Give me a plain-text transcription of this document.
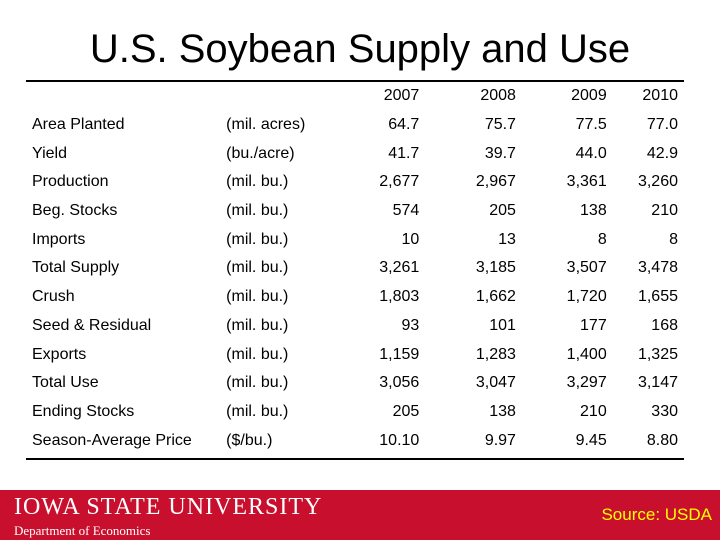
U.S. Soybean Supply and Use
		2007	2008	2009	2010
Area Planted	(mil. acres)	64.7	75.7	77.5	77.0
Yield	(bu./acre)	41.7	39.7	44.0	42.9
Production	(mil. bu.)	2,677	2,967	3,361	3,260
Beg. Stocks	(mil. bu.)	574	205	138	210
Imports	(mil. bu.)	10	13	8	8
Total Supply	(mil. bu.)	3,261	3,185	3,507	3,478
Crush	(mil. bu.)	1,803	1,662	1,720	1,655
Seed & Residual	(mil. bu.)	93	101	177	168
Exports	(mil. bu.)	1,159	1,283	1,400	1,325
Total Use	(mil. bu.)	3,056	3,047	3,297	3,147
Ending Stocks	(mil. bu.)	205	138	210	330
Season-Average Price	($/bu.)	10.10	9.97	9.45	8.80
IOWA STATE UNIVERSITY
Department of Economics
Source: USDA
